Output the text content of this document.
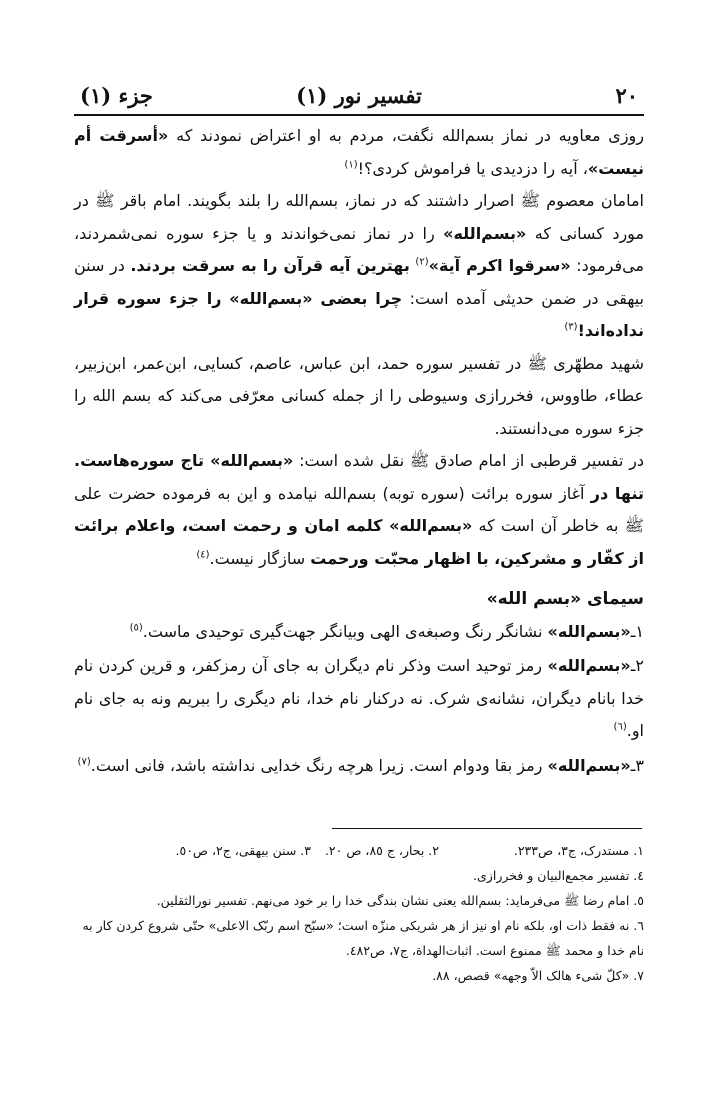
٢٠
تفسیر نور (١)
جزء (١)

روزی معاویه در نماز بسم‌الله نگفت، مردم به او اعتراض نمودند که «أسرقت أم نیست»، آیه را دزدیدی یا فراموش کردی؟!$^{(١)}$

امامان معصوم ﷺ اصرار داشتند که در نماز، بسم‌الله را بلند بگویند. امام باقر ﷺ در مورد کسانی که «بسم‌الله» را در نماز نمی‌خواندند و یا جزء سوره نمی‌شمردند، می‌فرمود: «سرقوا اکرم آیة»$^{(٢)}$ بهترین آیه قرآن را به سرقت بردند. در سنن بیهقی در ضمن حدیثی آمده است: چرا بعضی «بسم‌الله» را جزء سوره قرار نداده‌اند!$^{(٣)}$

شهید مطهّری ﷺ در تفسیر سوره حمد، ابن عباس، عاصم، کسایی، ابن‌عمر، ابن‌زبیر، عطاء، طاووس، فخررازی وسیوطی را از جمله کسانی معرّفی می‌کند که بسم الله را جزء سوره می‌دانستند.

در تفسیر قرطبی از امام صادق ﷺ نقل شده است: «بسم‌الله» تاج سوره‌هاست. تنها در آغاز سوره برائت (سوره توبه) بسم‌الله نیامده و این به فرموده حضرت علی ﷺ به خاطر آن است که «بسم‌الله» کلمه امان و رحمت است، واعلام برائت از کفّار و مشرکین، با اظهار محبّت ورحمت سازگار نیست.$^{(٤)}$

سیمای «بسم الله»

١ـ«بسم‌الله» نشانگر رنگ وصبغه‌ی الهی وبیانگر جهت‌گیری توحیدی ماست.$^{(٥)}$

٢ـ«بسم‌الله» رمز توحید است وذکر نام دیگران به جای آن رمزکفر، و قرین کردن نام خدا بانام دیگران، نشانه‌ی شرک. نه درکنار نام خدا، نام دیگری را ببریم ونه به جای نام او.$^{(٦)}$

٣ـ«بسم‌الله» رمز بقا ودوام است. زیرا هرچه رنگ خدایی نداشته باشد، فانی است.$^{(٧)}$

١. مستدرک، ج٣، ص٢٣٣.٢. بحار، ج ٨٥، ص ٢٠.٣. سنن بیهقی، ج٢، ص٥٠.

٤. تفسیر مجمع‌البیان و فخررازی.

٥. امام رضا ﷺ می‌فرماید: بسم‌الله یعنی نشان بندگی خدا را بر خود می‌نهم. تفسیر نورالثقلین.

٦. نه فقط ذات او، بلکه نام او نیز از هر شریکی منزّه است؛ «سبّح اسم ربّک الاعلی» حتّی شروع کردن کار به نام خدا و محمد ﷺ ممنوع است. اثبات‌الهداة، ج٧، ص٤٨٢.

٧. «کلّ شیء هالک الاّ وجهه» قصص، ٨٨.
